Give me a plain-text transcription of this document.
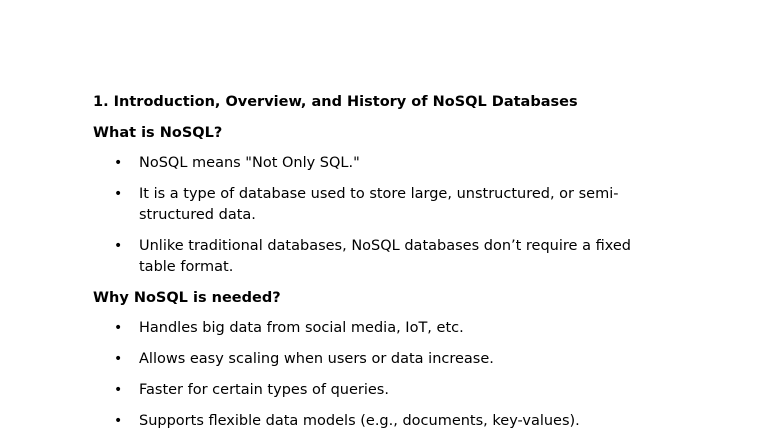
1. Introduction, Overview, and History of NoSQL Databases
What is NoSQL?
• NoSQL means "Not Only SQL."
• It is a type of database used to store large, unstructured, or semi-structured data.
• Unlike traditional databases, NoSQL databases don’t require a fixed table format.
Why NoSQL is needed?
• Handles big data from social media, IoT, etc.
• Allows easy scaling when users or data increase.
• Faster for certain types of queries.
• Supports flexible data models (e.g., documents, key-values).
